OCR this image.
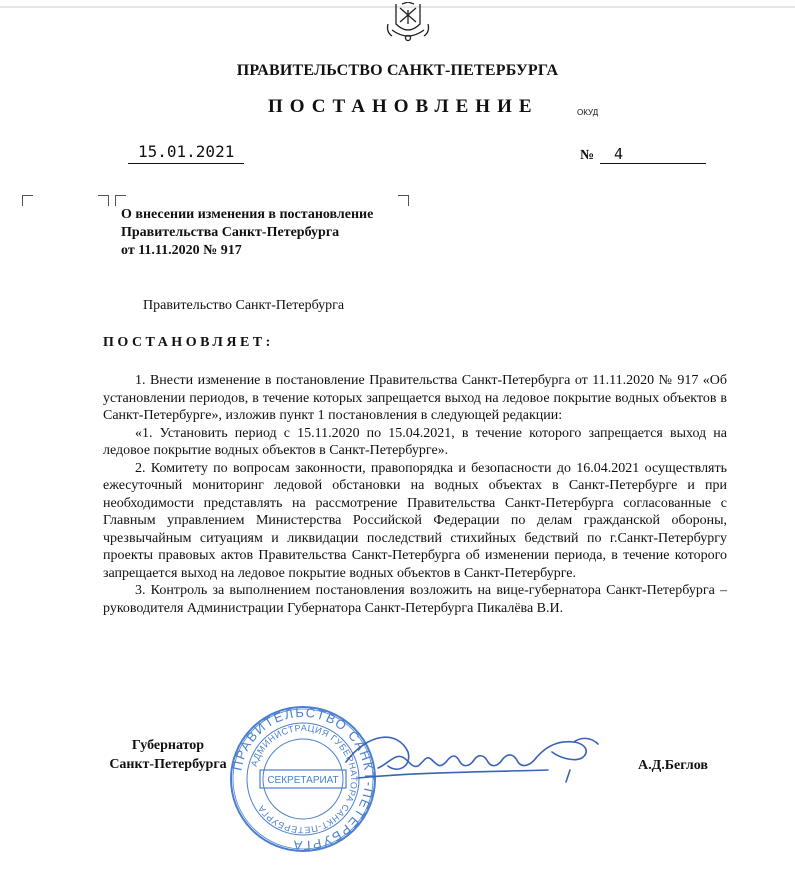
ПРАВИТЕЛЬСТВО САНКТ-ПЕТЕРБУРГА
ПОСТАНОВЛЕНИЕ	ОКУД
15.01.2021	№	4
О внесении изменения в постановление
Правительства Санкт-Петербурга
от 11.11.2020 № 917
Правительство Санкт-Петербурга
ПОСТАНОВЛЯЕТ:

1. Внести изменение в постановление Правительства Санкт-Петербурга от 11.11.2020 № 917 «Об установлении периодов, в течение которых запрещается выход на ледовое покрытие водных объектов в Санкт-Петербурге», изложив пункт 1 постановления в следующей редакции:

«1. Установить период с 15.11.2020 по 15.04.2021, в течение которого запрещается выход на ледовое покрытие водных объектов в Санкт-Петербурге».

2. Комитету по вопросам законности, правопорядка и безопасности до 16.04.2021 осуществлять ежесуточный мониторинг ледовой обстановки на водных объектах в Санкт-Петербурге и при необходимости представлять на рассмотрение Правительства Санкт-Петербурга согласованные с Главным управлением Министерства Российской Федерации по делам гражданской обороны, чрезвычайным ситуациям и ликвидации последствий стихийных бедствий по г.Санкт-Петербургу проекты правовых актов Правительства Санкт-Петербурга об изменении периода, в течение которого запрещается выход на ледовое покрытие водных объектов в Санкт-Петербурге.

3. Контроль за выполнением постановления возложить на вице-губернатора Санкт-Петербурга – руководителя Администрации Губернатора Санкт-Петербурга Пикалёва В.И.

Губернатор
Санкт-Петербурга ПРАВИТЕЛЬСТВО САНКТ-ПЕТЕРБУРГА
АДМИНИСТРАЦИЯ ГУБЕРНАТОРА САНКТ-ПЕТЕРБУРГА
СЕКРЕТАРИАТ
А.Д.Беглов
